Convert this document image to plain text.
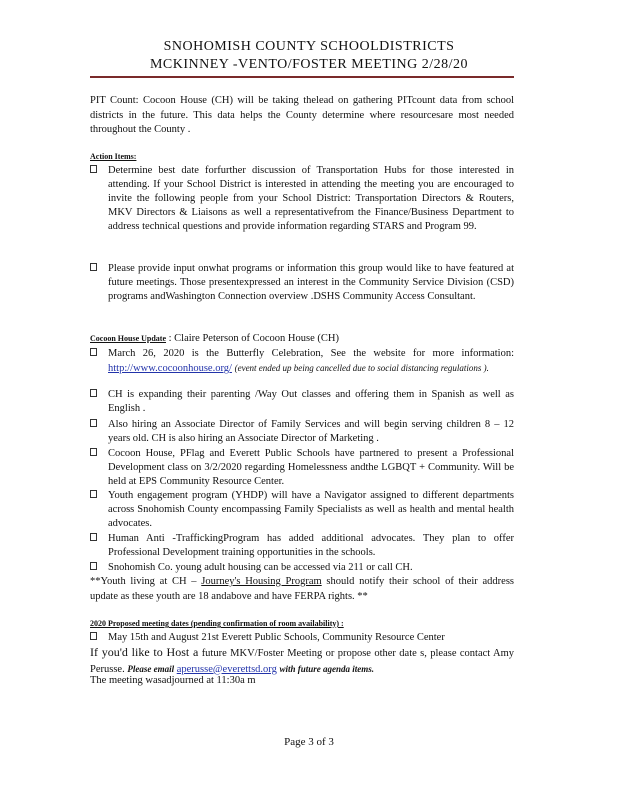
SNOHOMISH COUNTY SCHOOLDISTRICTS
MCKINNEY -VENTO/FOSTER MEETING 2/28/20
PIT Count: Cocoon House (CH) will be taking thelead on gathering PITcount data from school districts in the future. This data helps the County determine where resourcesare most needed throughout the County .
Action Items:
Determine best date forfurther discussion of Transportation Hubs for those interested in attending. If your School District is interested in attending the meeting you are encouraged to invite the following people from your School District: Transportation Directors & Routers, MKV Directors & Liaisons as well a representativefrom the Finance/Business Department to address technical questions and provide information regarding STARS and Program 99.
Please provide input onwhat programs or information this group would like to have featured at future meetings. Those presentexpressed an interest in the Community Service Division (CSD) programs andWashington Connection overview .DSHS Community Access Consultant.
Cocoon House Update : Claire Peterson of Cocoon House (CH)
March 26, 2020 is the Butterfly Celebration, See the website for more information: http://www.cocoonhouse.org/ (event ended up being cancelled due to social distancing regulations ).
CH is expanding their parenting /Way Out classes and offering them in Spanish as well as English .
Also hiring an Associate Director of Family Services and will begin serving children 8 – 12 years old. CH is also hiring an Associate Director of Marketing .
Cocoon House, PFlag and Everett Public Schools have partnered to present a Professional Development class on 3/2/2020 regarding Homelessness andthe LGBQT + Community. Will be held at EPS Community Resource Center.
Youth engagement program (YHDP) will have a Navigator assigned to different departments across Snohomish County encompassing Family Specialists as well as health and mental health advocates.
Human Anti -TraffickingProgram has added additional advocates. They plan to offer Professional Development training opportunities in the schools.
Snohomish Co. young adult housing can be accessed via 211 or call CH.
**Youth living at CH – Journey's Housing Program should notify their school of their address update as these youth are 18 andabove and have FERPA rights. **
2020 Proposed meeting dates (pending confirmation of room availability) :
May 15th and August 21st Everett Public Schools, Community Resource Center
If you'd like to Host a future MKV/Foster Meeting or propose other date s, please contact Amy Perusse. Please email aperusse@everettsd.org with future agenda items.
The meeting wasadjourned at 11:30a m
Page 3 of 3
